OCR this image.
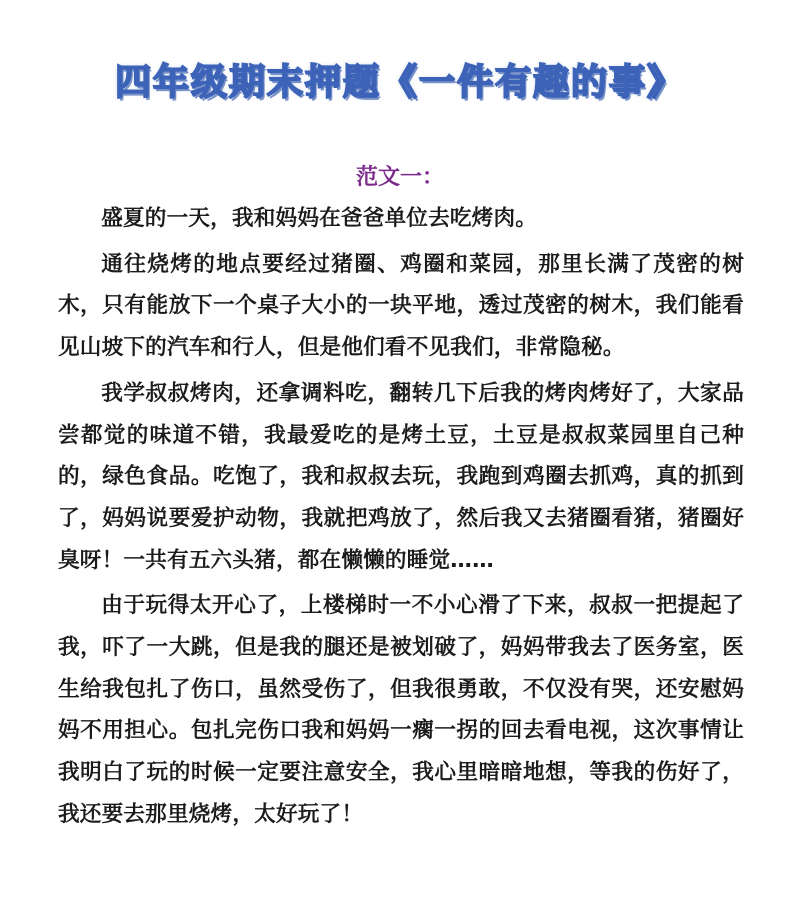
四年级期末押题《一件有趣的事》
范文一：

盛夏的一天，我和妈妈在爸爸单位去吃烤肉。

通往烧烤的地点要经过猪圈、鸡圈和菜园，那里长满了茂密的树木，只有能放下一个桌子大小的一块平地，透过茂密的树木，我们能看见山坡下的汽车和行人，但是他们看不见我们，非常隐秘。

我学叔叔烤肉，还拿调料吃，翻转几下后我的烤肉烤好了，大家品尝都觉的味道不错，我最爱吃的是烤土豆，土豆是叔叔菜园里自己种的，绿色食品。吃饱了，我和叔叔去玩，我跑到鸡圈去抓鸡，真的抓到了，妈妈说要爱护动物，我就把鸡放了，然后我又去猪圈看猪，猪圈好臭呀！一共有五六头猪，都在懒懒的睡觉……

由于玩得太开心了，上楼梯时一不小心滑了下来，叔叔一把提起了我，吓了一大跳，但是我的腿还是被划破了，妈妈带我去了医务室，医生给我包扎了伤口，虽然受伤了，但我很勇敢，不仅没有哭，还安慰妈妈不用担心。包扎完伤口我和妈妈一瘸一拐的回去看电视，这次事情让我明白了玩的时候一定要注意安全，我心里暗暗地想，等我的伤好了，我还要去那里烧烤，太好玩了！
